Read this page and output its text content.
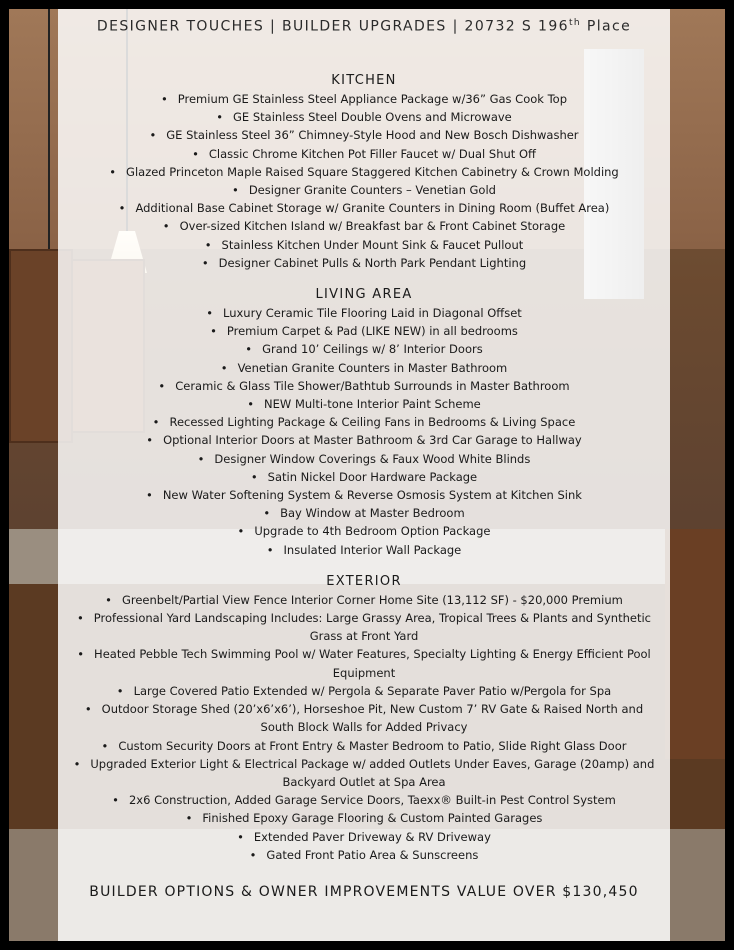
DESIGNER TOUCHES | BUILDER UPGRADES | 20732 S 196th Place
KITCHEN
• Premium GE Stainless Steel Appliance Package w/36” Gas Cook Top
• GE Stainless Steel Double Ovens and Microwave
• GE Stainless Steel 36” Chimney-Style Hood and New Bosch Dishwasher
• Classic Chrome Kitchen Pot Filler Faucet w/ Dual Shut Off
• Glazed Princeton Maple Raised Square Staggered Kitchen Cabinetry & Crown Molding
• Designer Granite Counters – Venetian Gold
• Additional Base Cabinet Storage w/ Granite Counters in Dining Room (Buffet Area)
• Over-sized Kitchen Island w/ Breakfast bar & Front Cabinet Storage
• Stainless Kitchen Under Mount Sink & Faucet Pullout
• Designer Cabinet Pulls & North Park Pendant Lighting
LIVING AREA
• Luxury Ceramic Tile Flooring Laid in Diagonal Offset
• Premium Carpet & Pad (LIKE NEW) in all bedrooms
• Grand 10’ Ceilings w/ 8’ Interior Doors
• Venetian Granite Counters in Master Bathroom
• Ceramic & Glass Tile Shower/Bathtub Surrounds in Master Bathroom
• NEW Multi-tone Interior Paint Scheme
• Recessed Lighting Package & Ceiling Fans in Bedrooms & Living Space
• Optional Interior Doors at Master Bathroom & 3rd Car Garage to Hallway
• Designer Window Coverings & Faux Wood White Blinds
• Satin Nickel Door Hardware Package
• New Water Softening System & Reverse Osmosis System at Kitchen Sink
• Bay Window at Master Bedroom
• Upgrade to 4th Bedroom Option Package
• Insulated Interior Wall Package
EXTERIOR
• Greenbelt/Partial View Fence Interior Corner Home Site (13,112 SF) - $20,000 Premium
• Professional Yard Landscaping Includes: Large Grassy Area, Tropical Trees & Plants and Synthetic Grass at Front Yard
• Heated Pebble Tech Swimming Pool w/ Water Features, Specialty Lighting & Energy Efficient Pool Equipment
• Large Covered Patio Extended w/ Pergola & Separate Paver Patio w/Pergola for Spa
• Outdoor Storage Shed (20’x6’x6’), Horseshoe Pit, New Custom 7’ RV Gate & Raised North and South Block Walls for Added Privacy
• Custom Security Doors at Front Entry & Master Bedroom to Patio, Slide Right Glass Door
• Upgraded Exterior Light & Electrical Package w/ added Outlets Under Eaves, Garage (20amp) and Backyard Outlet at Spa Area
• 2x6 Construction, Added Garage Service Doors, Taexx® Built-in Pest Control System
• Finished Epoxy Garage Flooring & Custom Painted Garages
• Extended Paver Driveway & RV Driveway
• Gated Front Patio Area & Sunscreens
BUILDER OPTIONS & OWNER IMPROVEMENTS VALUE OVER $130,450
